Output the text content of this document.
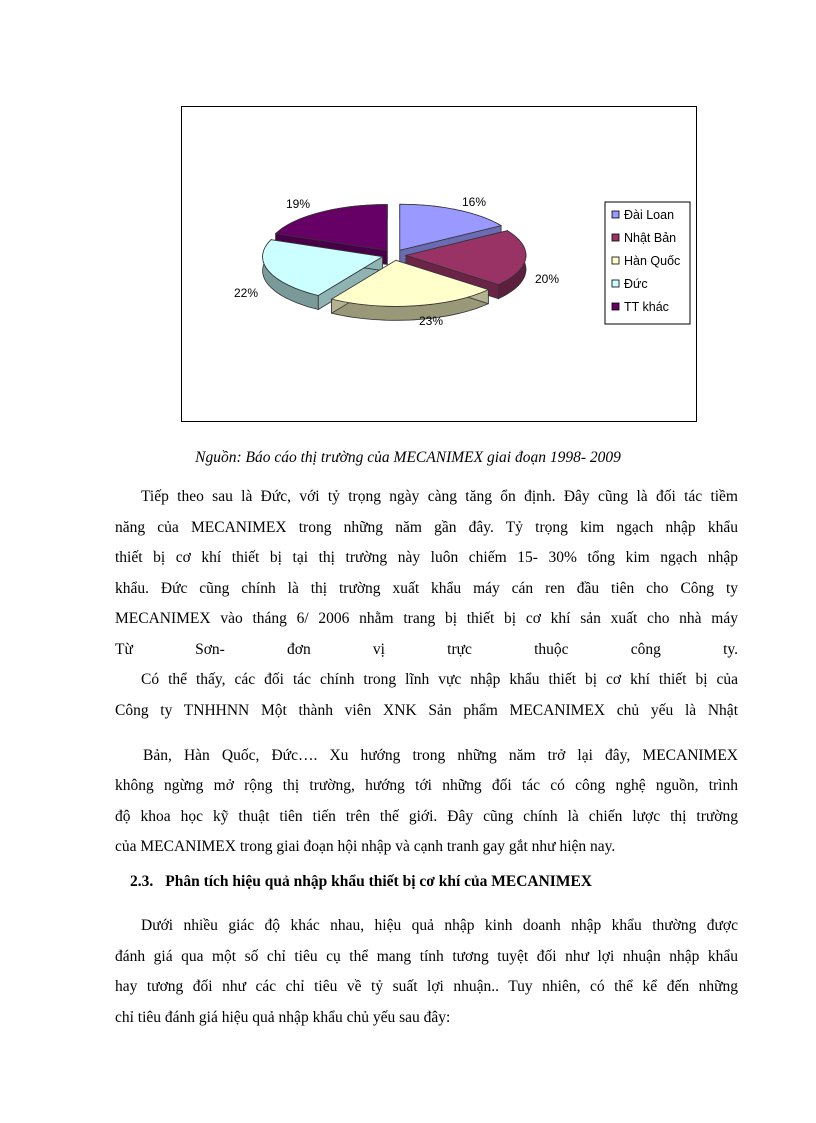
16%
20%
23%
22%
19%
Đài Loan
Nhật Bản
Hàn Quốc
Đức
TT khác
Nguồn: Báo cáo thị trường của MECANIMEX giai đoạn 1998- 2009
Tiếp theo sau là Đức, với tỷ trọng ngày càng tăng ổn định. Đây cũng là đối tác tiềm
năng của MECANIMEX trong những năm gần đây. Tỷ trọng kim ngạch nhập khẩu
thiết bị cơ khí thiết bị tại thị trường này luôn chiếm 15- 30% tổng kim ngạch nhập
khẩu. Đức cũng chính là thị trường xuất khẩu máy cán ren đầu tiên cho Công ty
MECANIMEX vào tháng 6/ 2006 nhằm trang bị thiết bị cơ khí sản xuất cho nhà máy
Từ Sơn- đơn vị trực thuộc công ty.
Có thể thấy, các đối tác chính trong lĩnh vực nhập khẩu thiết bị cơ khí thiết bị của
Công ty TNHHNN Một thành viên XNK Sản phẩm MECANIMEX chủ yếu là Nhật
Bản, Hàn Quốc, Đức…. Xu hướng trong những năm trở lại đây, MECANIMEX
không ngừng mở rộng thị trường, hướng tới những đối tác có công nghệ nguồn, trình
độ khoa học kỹ thuật tiên tiến trên thế giới. Đây cũng chính là chiến lược thị trường
của MECANIMEX trong giai đoạn hội nhập và cạnh tranh gay gắt như hiện nay.
2.3. Phân tích hiệu quả nhập khẩu thiết bị cơ khí của MECANIMEX
Dưới nhiều giác độ khác nhau, hiệu quả nhập kinh doanh nhập khẩu thường được
đánh giá qua một số chỉ tiêu cụ thể mang tính tương tuyệt đối như lợi nhuận nhập khẩu
hay tương đối như các chỉ tiêu về tỷ suất lợi nhuận.. Tuy nhiên, có thể kể đến những
chỉ tiêu đánh giá hiệu quả nhập khẩu chủ yếu sau đây:
